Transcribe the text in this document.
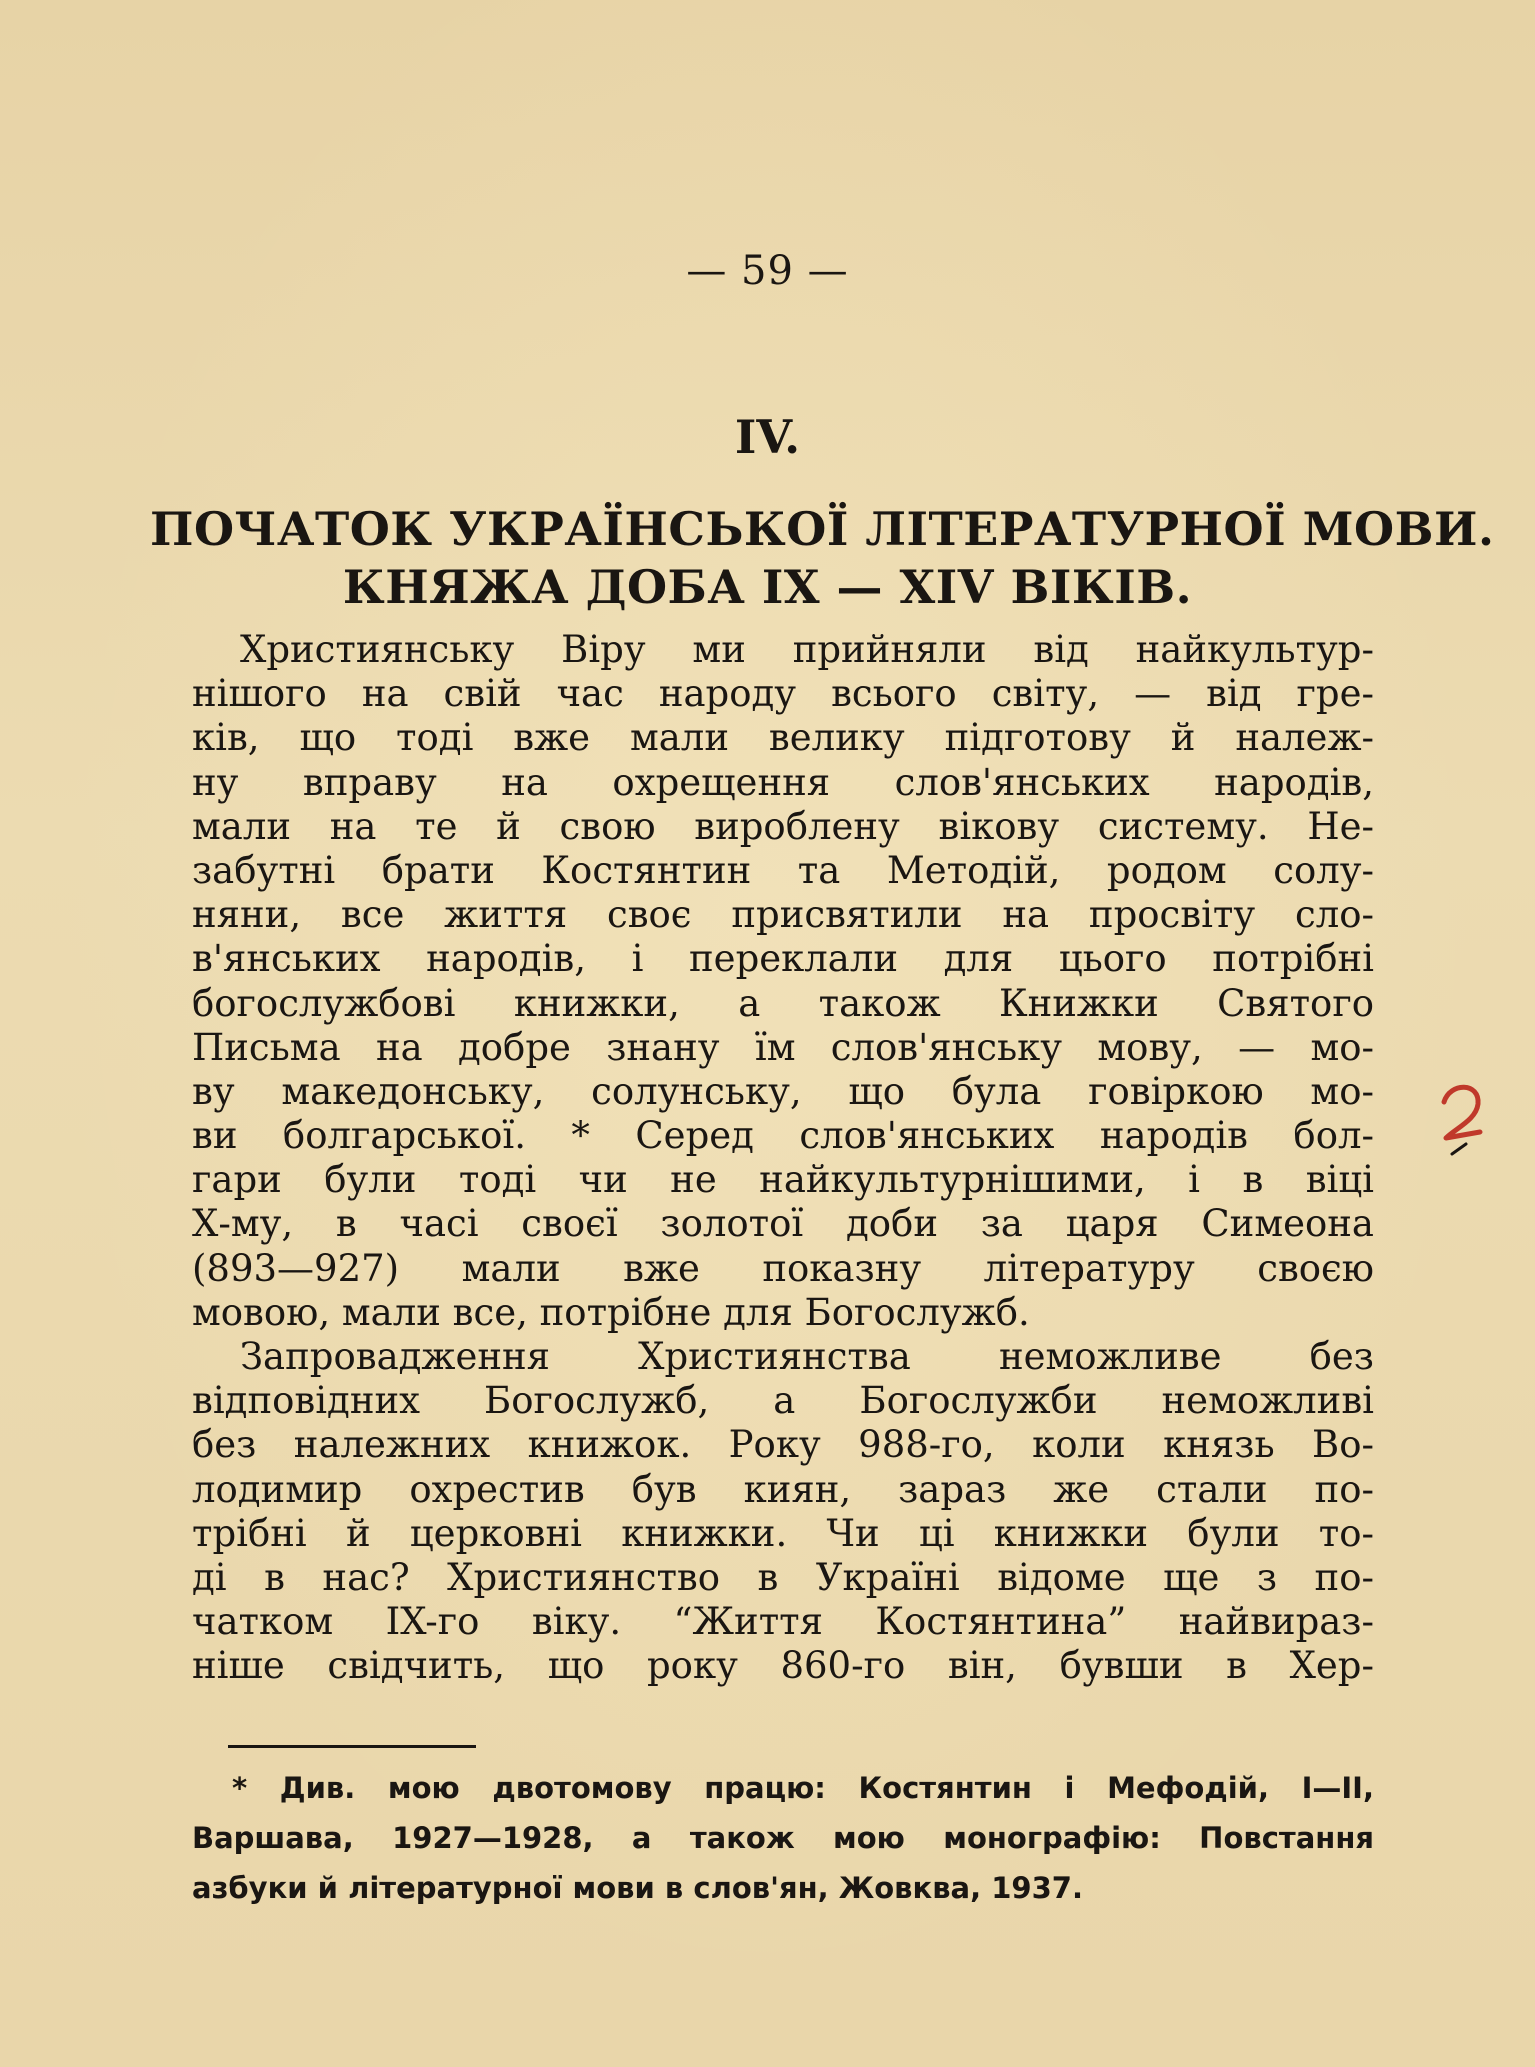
— 59 —
IV.
ПОЧАТОК УКРАЇНСЬКОЇ ЛІТЕРАТУРНОЇ МОВИ.
КНЯЖА ДОБА IX — XIV ВІКІВ.
Християнську Віру ми прийняли від найкультур-
нішого на свій час народу всього світу, — від гре-
ків, що тоді вже мали велику підготову й належ-
ну вправу на охрещення слов'янських народів,
мали на те й свою вироблену вікову систему. Не-
забутні брати Костянтин та Методій, родом солу-
няни, все життя своє присвятили на просвіту сло-
в'янських народів, і переклали для цього потрібні
богослужбові книжки, а також Книжки Святого
Письма на добре знану їм слов'янську мову, — мо-
ву македонську, солунську, що була говіркою мо-
ви болгарської. * Серед слов'янських народів бол-
гари були тоді чи не найкультурнішими, і в віці
Х-му, в часі своєї золотої доби за царя Симеона
(893—927) мали вже показну літературу своєю
мовою, мали все, потрібне для Богослужб.
Запровадження Християнства неможливе без
відповідних Богослужб, а Богослужби неможливі
без належних книжок. Року 988-го, коли князь Во-
лодимир охрестив був киян, зараз же стали по-
трібні й церковні книжки. Чи ці книжки були то-
ді в нас? Християнство в Україні відоме ще з по-
чатком IX-го віку. “Життя Костянтина” найвираз-
ніше свідчить, що року 860-го він, бувши в Хер-
* Див. мою двотомову працю: Костянтин і Мефодій, I—II,
Варшава, 1927—1928, а також мою монографію: Повстання
азбуки й літературної мови в слов'ян, Жовква, 1937.
